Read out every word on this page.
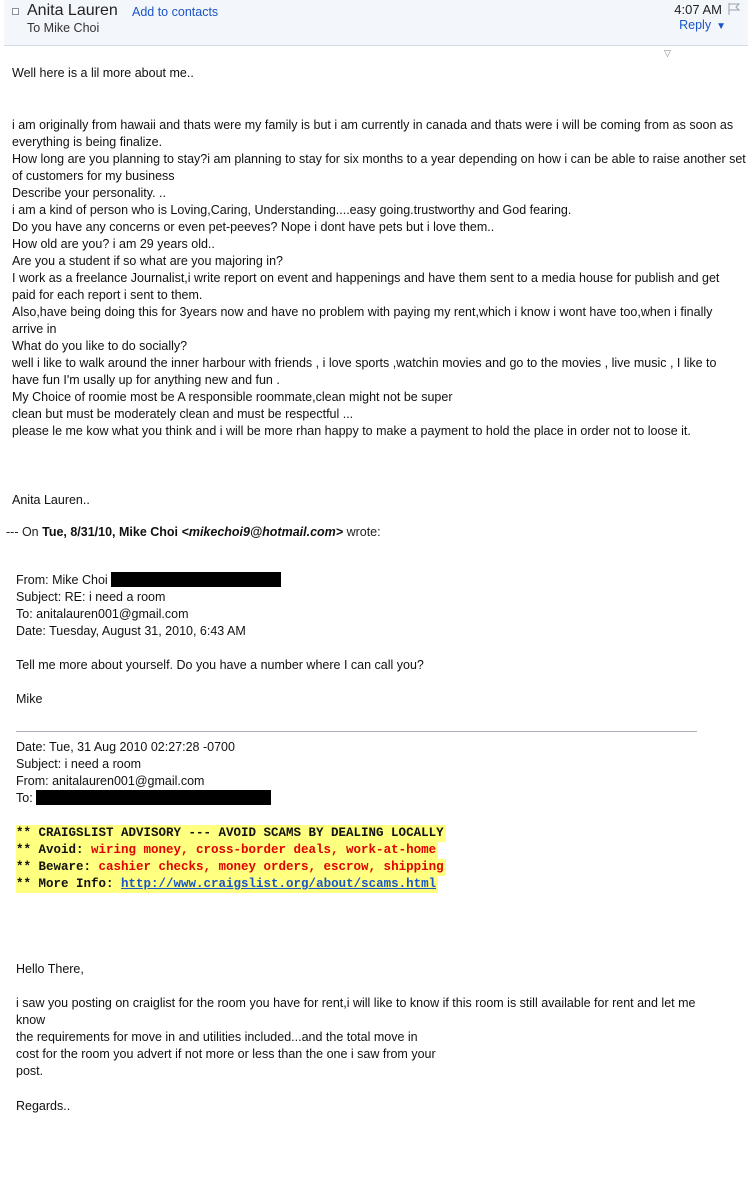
Anita Lauren Add to contacts
To Mike Choi
4:07 AM
Reply ▼
▽
Well here is a lil more about me..
i am originally from hawaii and thats were my family is but i am currently in canada and thats were i will be coming from as soon as everything is being finalize.
How long are you planning to stay?i am planning to stay for six months to a year depending on how i can be able to raise another set of customers for my business
Describe your personality. ..
i am a kind of person who is Loving,Caring, Understanding....easy going.trustworthy and God fearing.
Do you have any concerns or even pet-peeves? Nope i dont have pets but i love them..
How old are you? i am 29 years old..
Are you a student if so what are you majoring in?
I work as a freelance Journalist,i write report on event and happenings and have them sent to a media house for publish and get paid for each report i sent to them.
Also,have being doing this for 3years now and have no problem with paying my rent,which i know i wont have too,when i finally arrive in
What do you like to do socially?
well i like to walk around the inner harbour with friends , i love sports ,watchin movies and go to the movies , live music , I like to have fun I'm usally up for anything new and fun .
My Choice of roomie most be A responsible roommate,clean might not be super
clean but must be moderately clean and must be respectful ...
please le me kow what you think and i will be more rhan happy to make a payment to hold the place in order not to loose it.
Anita Lauren..
--- On Tue, 8/31/10, Mike Choi <mikechoi9@hotmail.com> wrote:
From: Mike Choi
Subject: RE: i need a room
To: anitalauren001@gmail.com
Date: Tuesday, August 31, 2010, 6:43 AM
Tell me more about yourself. Do you have a number where I can call you?
Mike
Date: Tue, 31 Aug 2010 02:27:28 -0700
Subject: i need a room
From: anitalauren001@gmail.com
To:
** CRAIGSLIST ADVISORY --- AVOID SCAMS BY DEALING LOCALLY
** Avoid: wiring money, cross-border deals, work-at-home
** Beware: cashier checks, money orders, escrow, shipping
** More Info: http://www.craigslist.org/about/scams.html
Hello There,
i saw you posting on craiglist for the room you have for rent,i will like to know if this room is still available for rent and let me know
the requirements for move in and utilities included...and the total move in
cost for the room you advert if not more or less than the one i saw from your
post.
Regards..
